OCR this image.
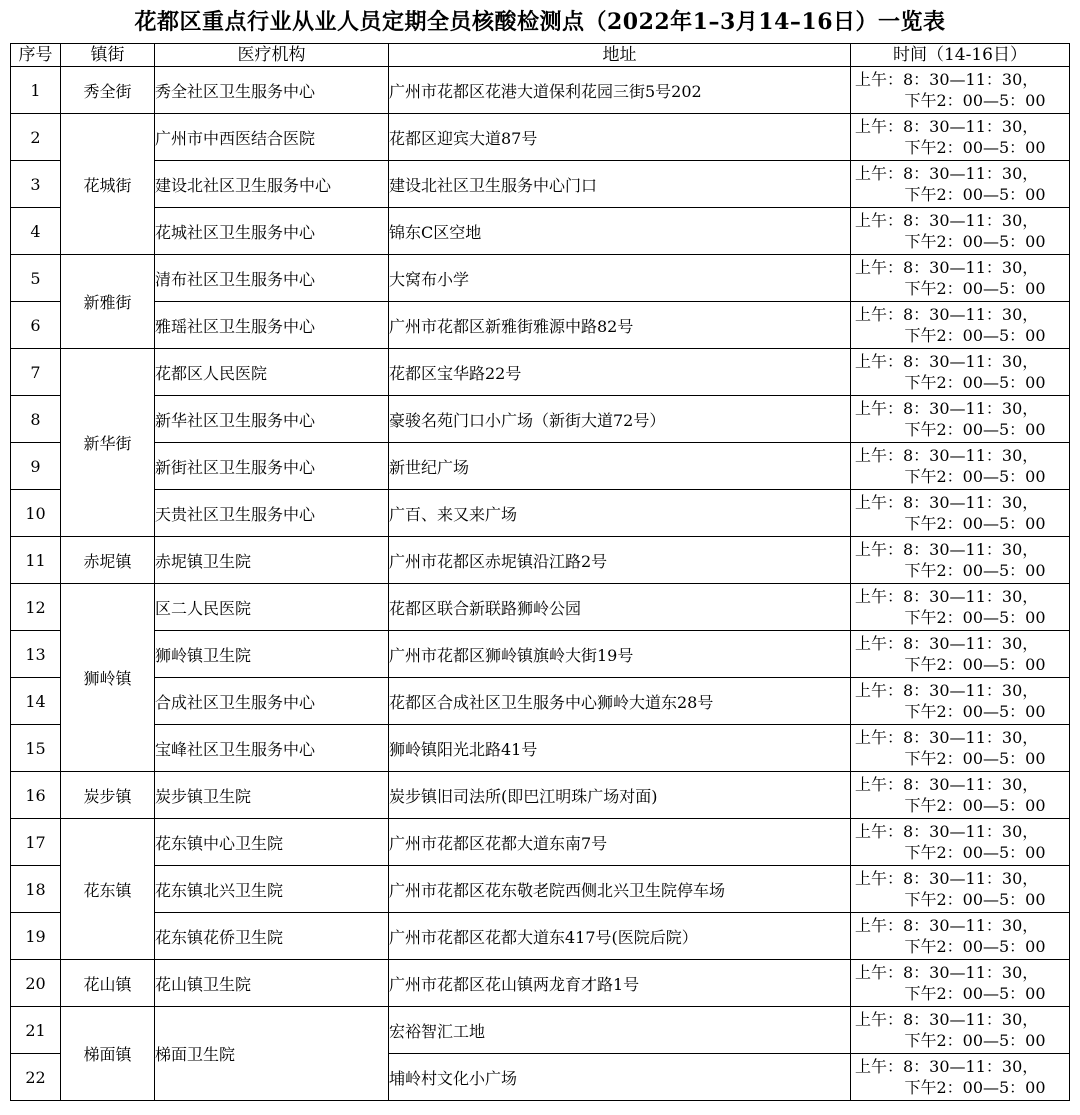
花都区重点行业从业人员定期全员核酸检测点（2022年1–3月14–16日）一览表
序号	镇街	医疗机构	地址	时间（14-16日）
1	秀全街	秀全社区卫生服务中心	广州市花都区花港大道保利花园三街5号202	上午：8：30—11：30，
下午2：00—5：00

2	花城街	广州市中西医结合医院	花都区迎宾大道87号	上午：8：30—11：30，
下午2：00—5：00

3		建设北社区卫生服务中心	建设北社区卫生服务中心门口	上午：8：30—11：30，
下午2：00—5：00

4		花城社区卫生服务中心	锦东C区空地	上午：8：30—11：30，
下午2：00—5：00

5	新雅街	清布社区卫生服务中心	大窝布小学	上午：8：30—11：30，
下午2：00—5：00

6		雅瑶社区卫生服务中心	广州市花都区新雅街雅源中路82号	上午：8：30—11：30，
下午2：00—5：00

7	新华街	花都区人民医院	花都区宝华路22号	上午：8：30—11：30，
下午2：00—5：00

8		新华社区卫生服务中心	豪骏名苑门口小广场（新街大道72号）	上午：8：30—11：30，
下午2：00—5：00

9		新街社区卫生服务中心	新世纪广场	上午：8：30—11：30，
下午2：00—5：00

10		天贵社区卫生服务中心	广百、来又来广场	上午：8：30—11：30，
下午2：00—5：00

11	赤坭镇	赤坭镇卫生院	广州市花都区赤坭镇沿江路2号	上午：8：30—11：30，
下午2：00—5：00

12	狮岭镇	区二人民医院	花都区联合新联路狮岭公园	上午：8：30—11：30，
下午2：00—5：00

13		狮岭镇卫生院	广州市花都区狮岭镇旗岭大街19号	上午：8：30—11：30，
下午2：00—5：00

14		合成社区卫生服务中心	花都区合成社区卫生服务中心狮岭大道东28号	上午：8：30—11：30，
下午2：00—5：00

15		宝峰社区卫生服务中心	狮岭镇阳光北路41号	上午：8：30—11：30，
下午2：00—5：00

16	炭步镇	炭步镇卫生院	炭步镇旧司法所(即巴江明珠广场对面)	上午：8：30—11：30，
下午2：00—5：00

17	花东镇	花东镇中心卫生院	广州市花都区花都大道东南7号	上午：8：30—11：30，
下午2：00—5：00

18		花东镇北兴卫生院	广州市花都区花东敬老院西侧北兴卫生院停车场	上午：8：30—11：30，
下午2：00—5：00

19		花东镇花侨卫生院	广州市花都区花都大道东417号(医院后院）	上午：8：30—11：30，
下午2：00—5：00

20	花山镇	花山镇卫生院	广州市花都区花山镇两龙育才路1号	上午：8：30—11：30，
下午2：00—5：00

21	梯面镇	梯面卫生院	宏裕智汇工地	上午：8：30—11：30，
下午2：00—5：00

22			埔岭村文化小广场	上午：8：30—11：30，
下午2：00—5：00
